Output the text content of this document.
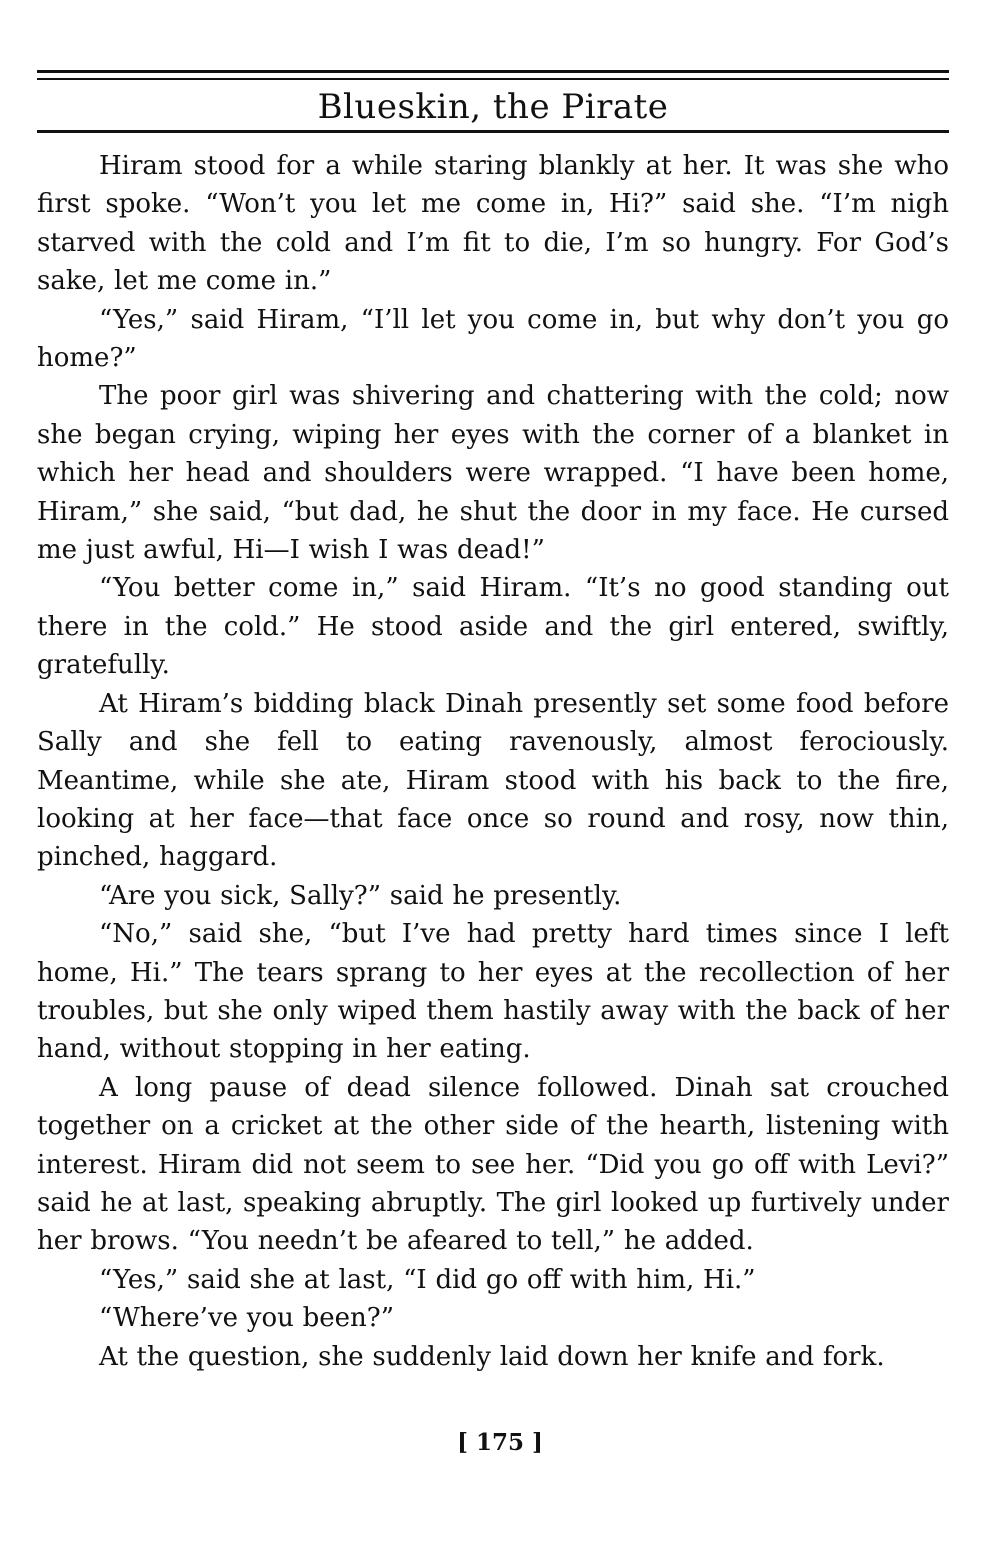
Blueskin, the Pirate

Hiram stood for a while staring blankly at her. It was she who first spoke. “Won’t you let me come in, Hi?” said she. “I’m nigh starved with the cold and I’m fit to die, I’m so hungry. For God’s sake, let me come in.”

“Yes,” said Hiram, “I’ll let you come in, but why don’t you go home?”

The poor girl was shivering and chattering with the cold; now she began crying, wiping her eyes with the corner of a blanket in which her head and shoulders were wrapped. “I have been home, Hiram,” she said, “but dad, he shut the door in my face. He cursed me just awful, Hi—I wish I was dead!”

“You better come in,” said Hiram. “It’s no good standing out there in the cold.” He stood aside and the girl entered, swiftly, gratefully.

At Hiram’s bidding black Dinah presently set some food before Sally and she fell to eating ravenously, almost ferociously. Meantime, while she ate, Hiram stood with his back to the fire, looking at her face—that face once so round and rosy, now thin, pinched, haggard.

“Are you sick, Sally?” said he presently.

“No,” said she, “but I’ve had pretty hard times since I left home, Hi.” The tears sprang to her eyes at the recollection of her troubles, but she only wiped them hastily away with the back of her hand, without stopping in her eating.

A long pause of dead silence followed. Dinah sat crouched together on a cricket at the other side of the hearth, listening with interest. Hiram did not seem to see her. “Did you go off with Levi?” said he at last, speaking abruptly. The girl looked up furtively under her brows. “You needn’t be afeared to tell,” he added.

“Yes,” said she at last, “I did go off with him, Hi.”

“Where’ve you been?”

At the question, she suddenly laid down her knife and fork.

[ 175 ]
